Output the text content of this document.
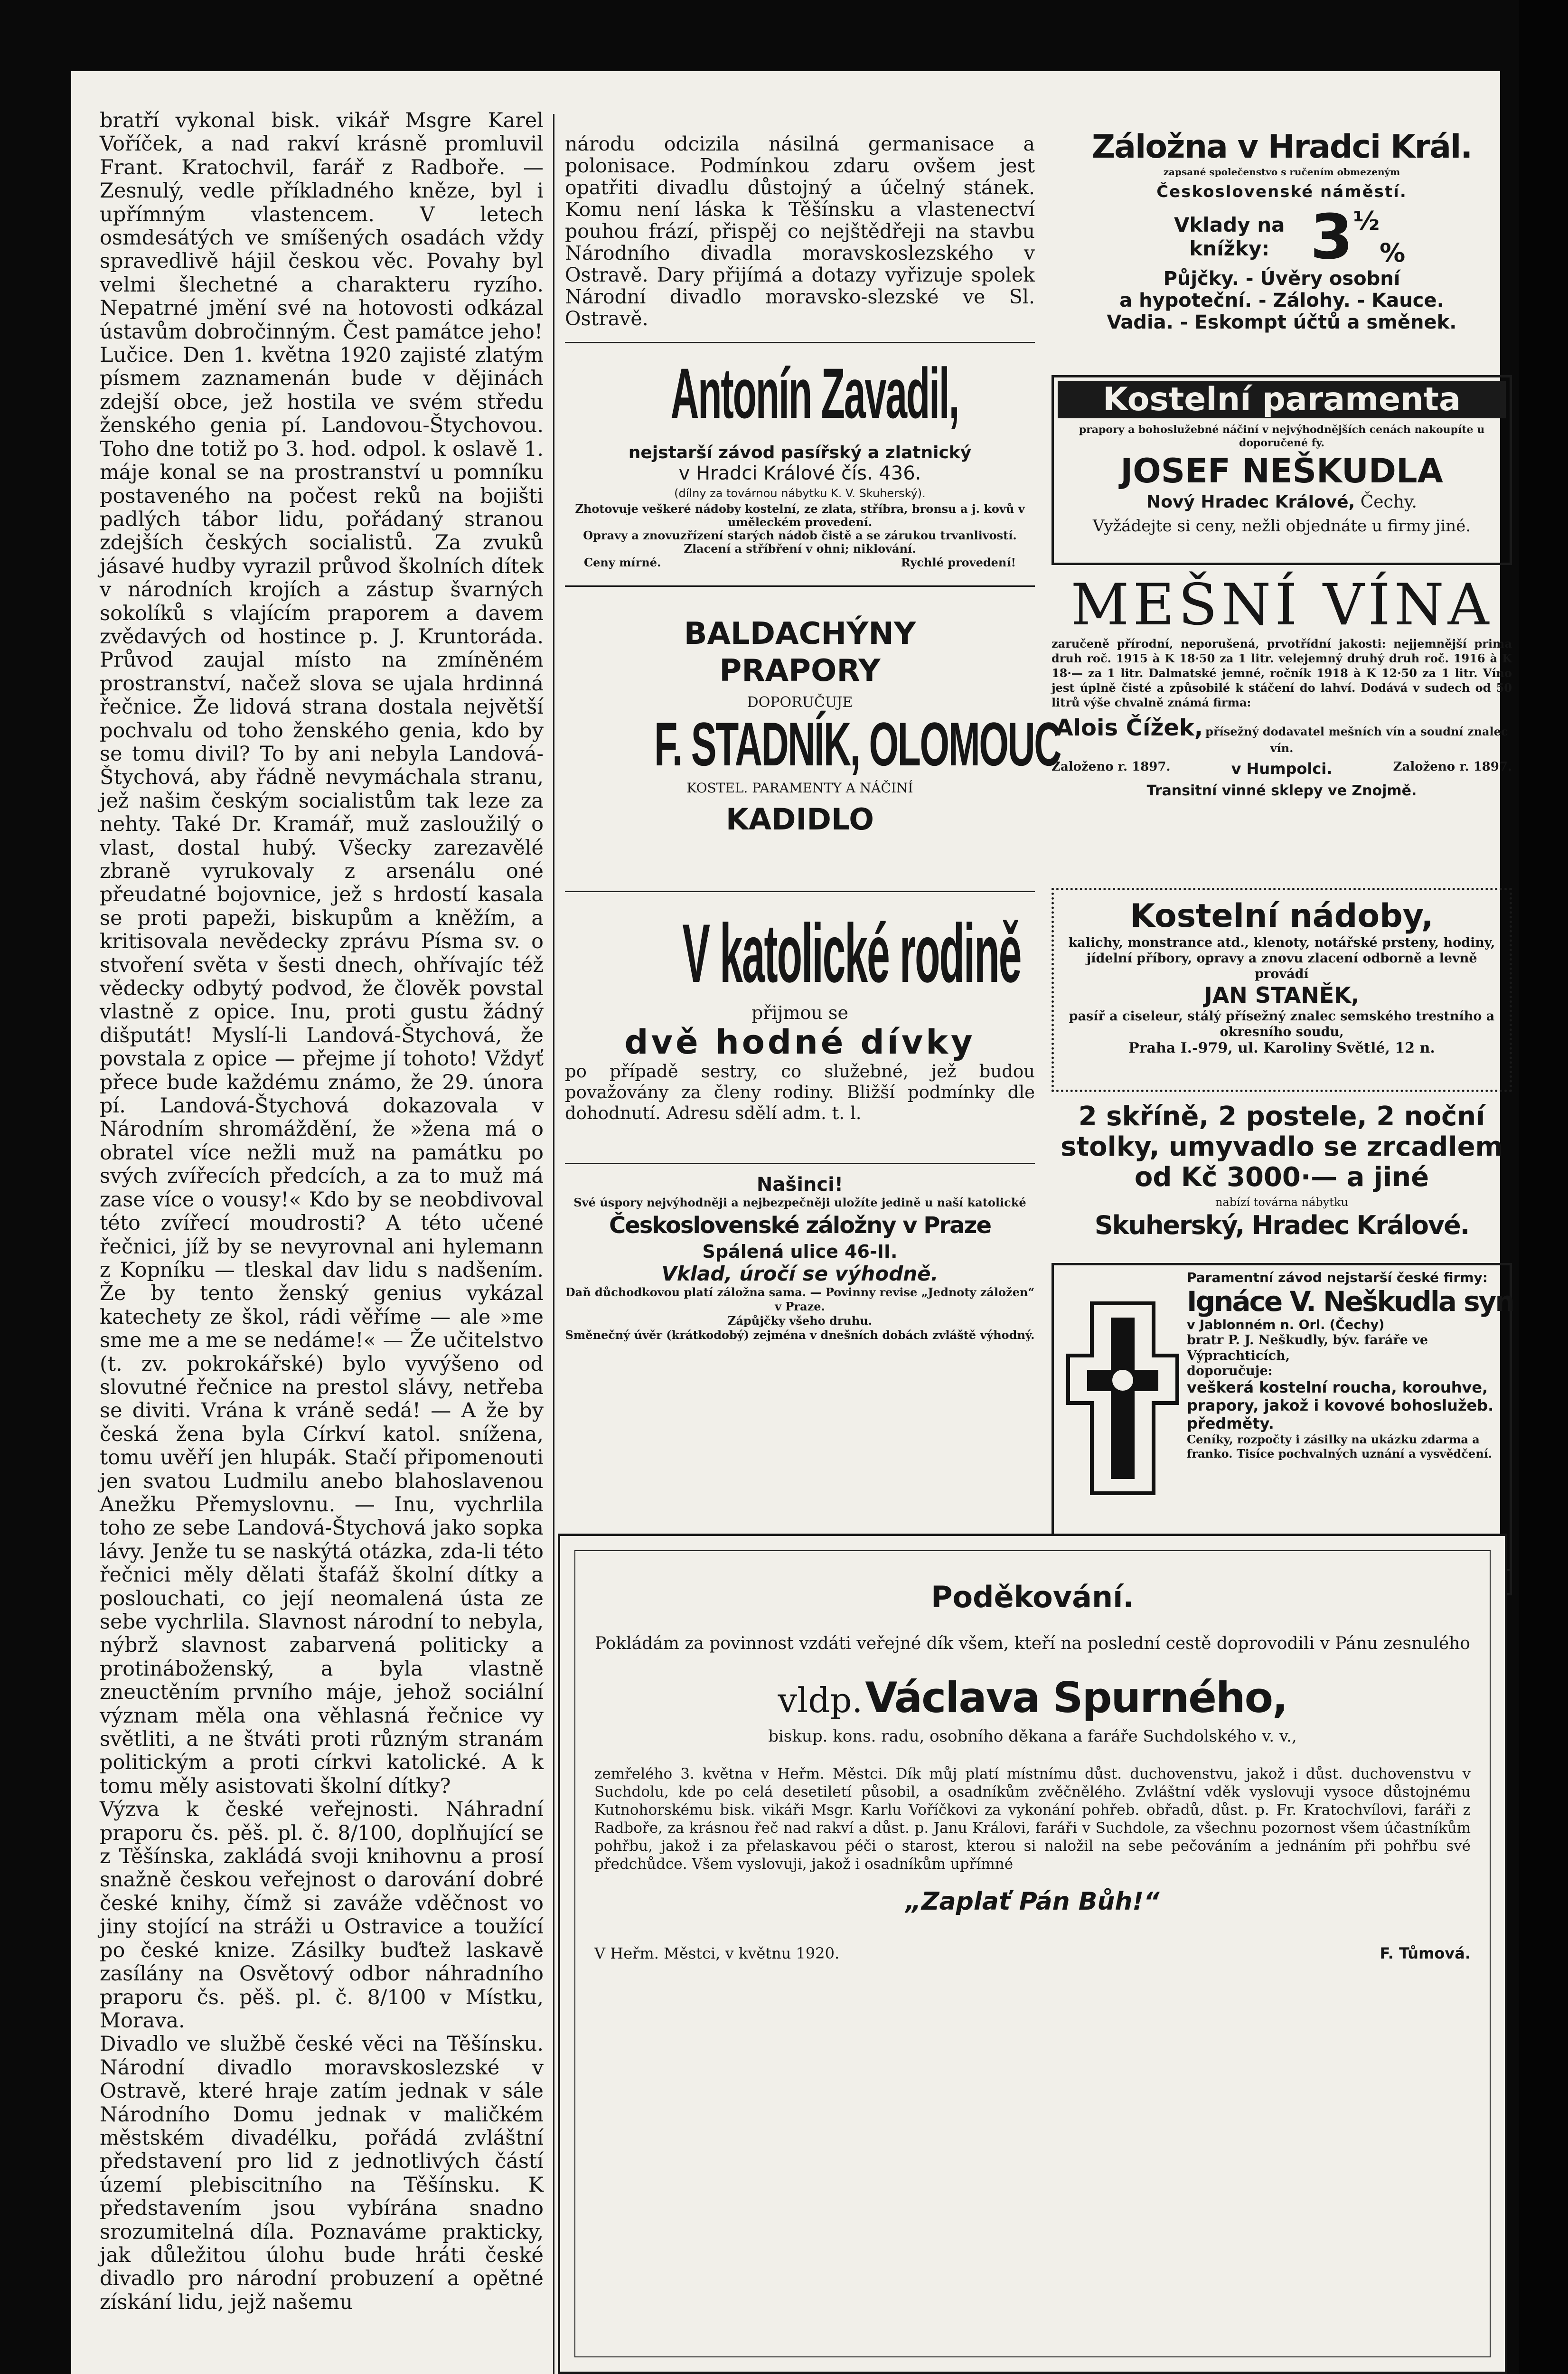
bratří vykonal bisk. vikář Msgre Karel Voříček, a nad rakví krásně promluvil Frant. Kratochvil, farář z Radboře. — Zesnulý, vedle příkladného kněze, byl i upřímným vlastencem. V letech osmdesátých ve smíšených osadách vždy spravedlivě hájil českou věc. Povahy byl velmi šlechetné a charakteru ryzího. Nepatrné jmění své na hotovosti odkázal ústavům dobročinným. Čest památce jeho!

Lučice. Den 1. května 1920 zajisté zlatým písmem zaznamenán bude v dějinách zdejší obce, jež hostila ve svém středu ženského genia pí. Landovou-Štychovou. Toho dne totiž po 3. hod. odpol. k oslavě 1. máje konal se na prostranství u pomníku postaveného na počest reků na bojišti padlých tábor lidu, pořádaný stranou zdejších českých socialistů. Za zvuků jásavé hudby vyrazil průvod školních dítek v národních krojích a zástup švarných sokolíků s vlajícím praporem a davem zvědavých od hostince p. J. Kruntoráda. Průvod zaujal místo na zmíněném prostranství, načež slova se ujala hrdinná řečnice. Že lidová strana dostala největší pochvalu od toho ženského genia, kdo by se tomu divil? To by ani nebyla Landová-Štychová, aby řádně nevymáchala stranu, jež našim českým socialistům tak leze za nehty. Také Dr. Kramář, muž zasloužilý o vlast, dostal hubý. Všecky zarezavělé zbraně vyrukovaly z arsenálu oné přeudatné bojovnice, jež s hrdostí kasala se proti papeži, biskupům a kněžím, a kritisovala nevědecky zprávu Písma sv. o stvoření světa v šesti dnech, ohřívajíc též vědecky odbytý podvod, že člověk povstal vlastně z opice. Inu, proti gustu žádný dišputát! Myslí-li Landová-Štychová, že povstala z opice — přejme jí tohoto! Vždyť přece bude každému známo, že 29. února pí. Landová-Štychová dokazovala v Národním shromáždění, že »žena má o obratel více nežli muž na památku po svých zvířecích předcích, a za to muž má zase více o vousy!« Kdo by se neobdivoval této zvířecí moudrosti? A této učené řečnici, jíž by se nevyrovnal ani hylemann z Kopníku — tleskal dav lidu s nadšením. Že by tento ženský genius vykázal katechety ze škol, rádi věříme — ale »me sme me a me se nedáme!« — Že učitelstvo (t. zv. pokrokářské) bylo vyvýšeno od slovutné řečnice na prestol slávy, netřeba se diviti. Vrána k vráně sedá! — A že by česká žena byla Církví katol. snížena, tomu uvěří jen hlupák. Stačí připomenouti jen svatou Ludmilu anebo blahoslavenou Anežku Přemyslovnu. — Inu, vychrlila toho ze sebe Landová-Štychová jako sopka lávy. Jenže tu se naskýtá otázka, zda-li této řečnici měly dělati štafáž školní dítky a poslouchati, co její neomalená ústa ze sebe vychrlila. Slavnost národní to nebyla, nýbrž slavnost zabarvená politicky a protináboženský, a byla vlastně zneuctěním prvního máje, jehož sociální význam měla ona věhlasná řečnice vy světliti, a ne štváti proti různým stranám politickým a proti církvi katolické. A k tomu měly asistovati školní dítky?

Výzva k české veřejnosti. Náhradní praporu čs. pěš. pl. č. 8/100, doplňující se z Těšínska, zakládá svoji knihovnu a prosí snažně českou veřejnost o darování dobré české knihy, čímž si zaváže vděčnost vo jiny stojící na stráži u Ostravice a toužící po české knize. Zásilky buďtež laskavě zasílány na Osvětový odbor náhradního praporu čs. pěš. pl. č. 8/100 v Místku, Morava.

Divadlo ve službě české věci na Těšínsku. Národní divadlo moravskoslezské v Ostravě, které hraje zatím jednak v sále Národního Domu jednak v maličkém městském divadélku, pořádá zvláštní představení pro lid z jednotlivých částí území plebiscitního na Těšínsku. K představením jsou vybírána snadno srozumitelná díla. Poznaváme prakticky, jak důležitou úlohu bude hráti české divadlo pro národní probuzení a opětné získání lidu, jejž našemu

národu odcizila násilná germanisace a polonisace. Podmínkou zdaru ovšem jest opatřiti divadlu důstojný a účelný stánek. Komu není láska k Těšínsku a vlastenectví pouhou frází, přispěj co nejštědřeji na stavbu Národního divadla moravskoslezského v Ostravě. Dary přijímá a dotazy vyřizuje spolek Národní divadlo moravsko-slezské ve Sl. Ostravě.

Antonín Zavadil,
nejstarší závod pasířský a zlatnický
v Hradci Králové čís. 436.
(dílny za továrnou nábytku K. V. Skuherský).
Zhotovuje veškeré nádoby kostelní, ze zlata, stříbra, bronsu a j. kovů v uměleckém provedení.
Opravy a znovuzřízení starých nádob čistě a se zárukou trvanlivostí.
Zlacení a stříbření v ohni; niklování.
Ceny mírné.	Rychlé provedení!
BALDACHÝNY
PRAPORY
DOPORUČUJE
F. STADNÍK, OLOMOUC
KOSTEL. PARAMENTY A NÁČINÍ
KADIDLO
V katolické rodině
přijmou se
dvě hodné dívky
po případě sestry, co služebné, jež budou považovány za členy rodiny. Bližší podmínky dle dohodnutí. Adresu sdělí adm. t. l.
Našinci!
Své úspory nejvýhodněji a nejbezpečněji uložíte jedině u naší katolické
Československé záložny v Praze
Spálená ulice 46-II.
Vklad, úročí se výhodně.
Daň důchodkovou platí záložna sama. — Povinny revise „Jednoty záložen“ v Praze.
Zápůjčky všeho druhu.
Směnečný úvěr (krátkodobý) zejména v dnešních dobách zvláště výhodný.
Záložna v Hradci Král.
zapsané společenstvo s ručením obmezeným
Československé náměstí.
Vklady na knížky: 3 ½
%
Půjčky. - Úvěry osobní
a hypoteční. - Zálohy. - Kauce.
Vadia. - Eskompt účtů a směnek.
Kostelní paramenta
prapory a bohoslužebné náčiní v nejvýhodnějších cenách nakoupíte u doporučené fy.
JOSEF NEŠKUDLA
Nový Hradec Králové, Čechy.
Vyžádejte si ceny, nežli objednáte u firmy jiné.
MEŠNÍ VÍNA
zaručeně přírodní, neporušená, prvotřídní jakosti: nejjemnější prima druh roč. 1915 à K 18·50 za 1 litr. velejemný druhý druh roč. 1916 à K 18·— za 1 litr. Dalmatské jemné, ročník 1918 à K 12·50 za 1 litr. Víno jest úplně čisté a způsobilé k stáčení do lahví. Dodává v sudech od 50 litrů výše chvalně známá firma:
Alois Čížek, přísežný dodavatel mešních vín a soudní znalec vín.
Založeno r. 1897.	v Humpolci.	Založeno r. 1897.
Transitní vinné sklepy ve Znojmě.
Kostelní nádoby,
kalichy, monstrance atd., klenoty, notářské prsteny, hodiny, jídelní příbory, opravy a znovu zlacení odborně a levně provádí
JAN STANĚK,
pasíř a ciseleur, stálý přísežný znalec semského trestního a okresního soudu,
Praha I.-979, ul. Karoliny Světlé, 12 n.
2 skříně, 2 postele, 2 noční stolky, umyvadlo se zrcadlem od Kč 3000·— a jiné
nabízí továrna nábytku
Skuherský, Hradec Králové.
Paramentní závod nejstarší české firmy:
Ignáce V. Neškudla syn
v Jablonném n. Orl. (Čechy)
bratr P. J. Neškudly, býv. faráře ve Výprachticích,
doporučuje:
veškerá kostelní roucha, korouhve, prapory, jakož i kovové bohoslužeb. předměty.
Ceníky, rozpočty i zásilky na ukázku zdarma a franko. Tisíce pochvalných uznání a vysvědčení.
Poděkování.
Pokládám za povinnost vzdáti veřejné dík všem, kteří na poslední cestě doprovodili v Pánu zesnulého
vldp. Václava Spurného,
biskup. kons. radu, osobního děkana a faráře Suchdolského v. v.,
zemřelého 3. května v Heřm. Městci. Dík můj platí místnímu důst. duchovenstvu, jakož i důst. duchovenstvu v Suchdolu, kde po celá desetiletí působil, a osadníkům zvěčnělého. Zvláštní vděk vyslovuji vysoce důstojnému Kutnohorskému bisk. vikáři Msgr. Karlu Voříčkovi za vykonání pohřeb. obřadů, důst. p. Fr. Kratochvílovi, faráři z Radboře, za krásnou řeč nad rakví a důst. p. Janu Královi, faráři v Suchdole, za všechnu pozornost všem účastníkům pohřbu, jakož i za přelaskavou péči o starost, kterou si naložil na sebe pečováním a jednáním při pohřbu své předchůdce. Všem vyslovuji, jakož i osadníkům upřímné
„Zaplať Pán Bůh!“
V Heřm. Městci, v květnu 1920.	F. Tůmová.
